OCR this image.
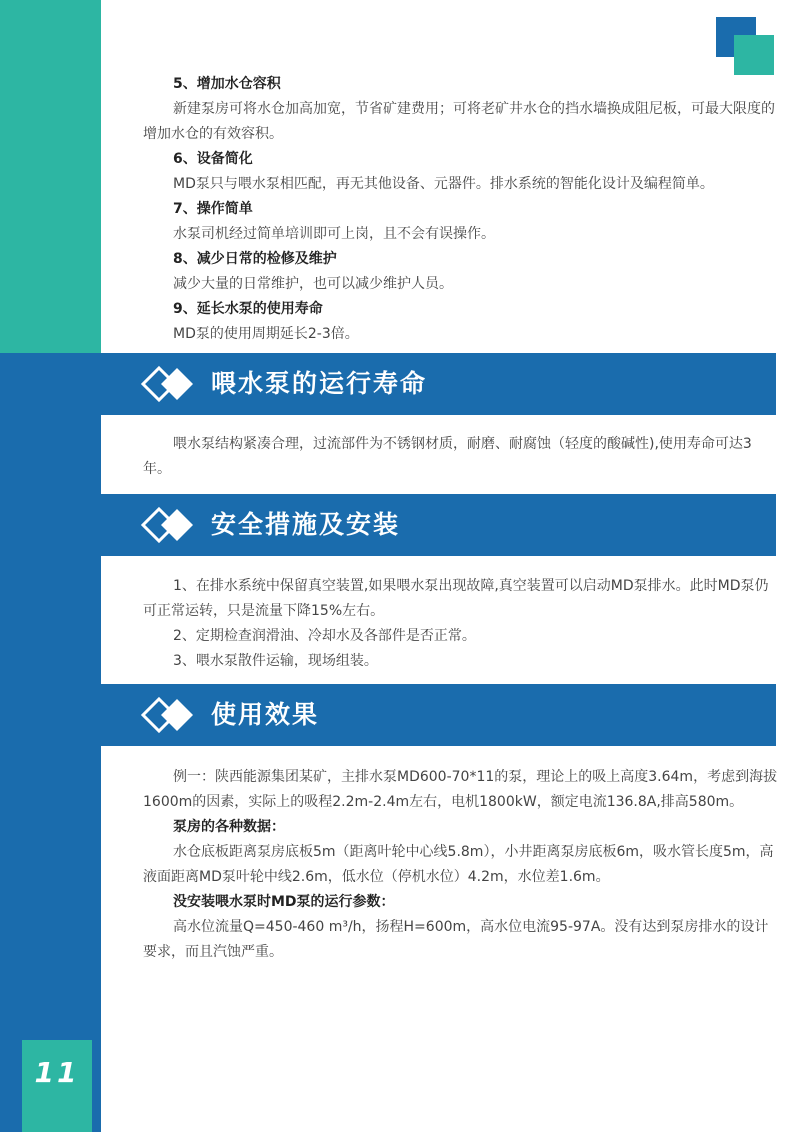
11
5、增加水仓容积
新建泵房可将水仓加高加宽，节省矿建费用；可将老矿井水仓的挡水墙换成阻尼板，可最大限度的增加水仓的有效容积。
6、设备简化
MD泵只与喂水泵相匹配，再无其他设备、元器件。排水系统的智能化设计及编程简单。
7、操作简单
水泵司机经过简单培训即可上岗，且不会有误操作。
8、减少日常的检修及维护
减少大量的日常维护，也可以减少维护人员。
9、延长水泵的使用寿命
MD泵的使用周期延长2-3倍。
喂水泵的运行寿命
喂水泵结构紧凑合理，过流部件为不锈钢材质，耐磨、耐腐蚀（轻度的酸碱性),使用寿命可达3年。
安全措施及安装
1、在排水系统中保留真空装置,如果喂水泵出现故障,真空装置可以启动MD泵排水。此时MD泵仍可正常运转，只是流量下降15%左右。
2、定期检查润滑油、冷却水及各部件是否正常。
3、喂水泵散件运输，现场组装。
使用效果
例一：陕西能源集团某矿，主排水泵MD600-70*11的泵，理论上的吸上高度3.64m，考虑到海拔1600m的因素，实际上的吸程2.2m-2.4m左右，电机1800kW，额定电流136.8A,排高580m。
泵房的各种数据：
水仓底板距离泵房底板5m（距离叶轮中心线5.8m），小井距离泵房底板6m，吸水管长度5m，高液面距离MD泵叶轮中线2.6m，低水位（停机水位）4.2m，水位差1.6m。
没安装喂水泵时MD泵的运行参数：
高水位流量Q=450-460 m³/h，扬程H=600m，高水位电流95-97A。没有达到泵房排水的设计要求，而且汽蚀严重。
